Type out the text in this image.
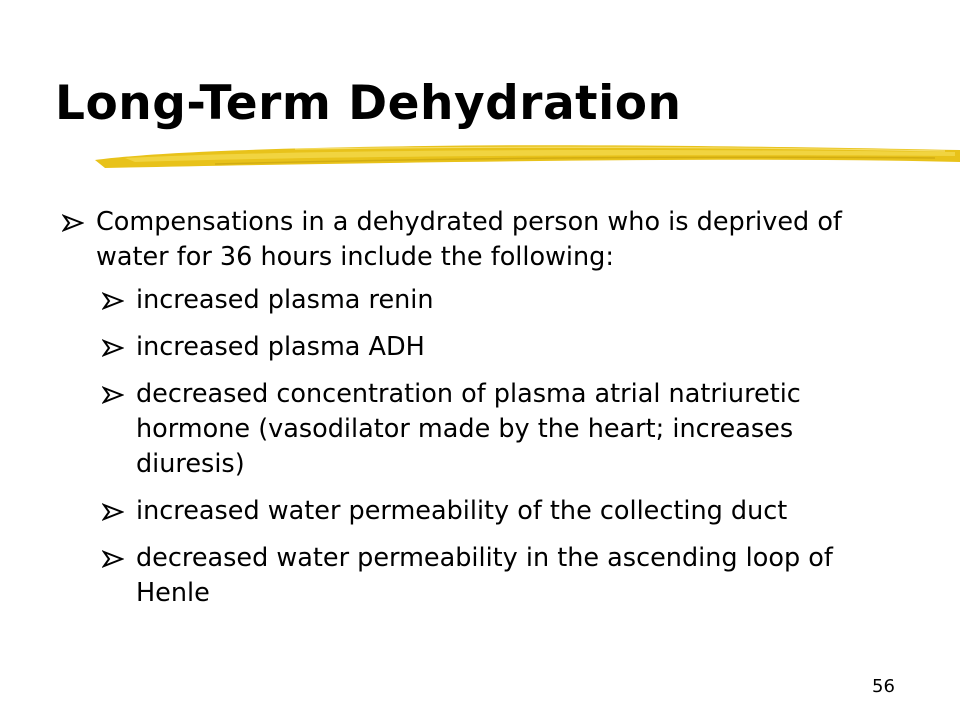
Long-Term Dehydration
Compensations in a dehydrated person who is deprived of water for 36 hours include the following:
increased plasma renin
increased plasma ADH
decreased concentration of plasma atrial natriuretic hormone (vasodilator made by the heart; increases diuresis)
increased water permeability of the collecting duct
decreased water permeability in the ascending loop of Henle
56
